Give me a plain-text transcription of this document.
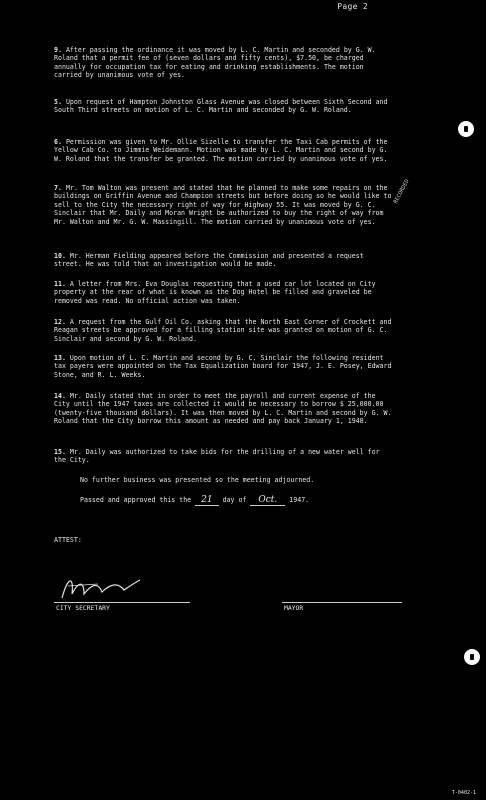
Page 2
9. After passing the ordinance it was moved by L. C. Martin and seconded by G. W. Roland that a permit fee of (seven dollars and fifty cents), $7.50, be charged annually for occupation tax for eating and drinking establishments. The motion carried by unanimous vote of yes.
5. Upon request of Hampton Johnston Glass Avenue was closed between Sixth Second and South Third streets on motion of L. C. Martin and seconded by G. W. Roland.
6. Permission was given to Mr. Ollie Sizelle to transfer the Taxi Cab permits of the Yellow Cab Co. to Jimmie Weidemann. Motion was made by L. C. Martin and second by G. W. Roland that the transfer be granted. The motion carried by unanimous vote of yes.
7. Mr. Tom Walton was present and stated that he planned to make some repairs on the buildings on Griffin Avenue and Champion streets but before doing so he would like to sell to the City the necessary right of way for Highway 55. It was moved by G. C. Sinclair that Mr. Daily and Moran Wright be authorized to buy the right of way from Mr. Walton and Mr. G. W. Massingill. The motion carried by unanimous vote of yes.
10. Mr. Herman Fielding appeared before the Commission and presented a request street. He was told that an investigation would be made.
11. A letter from Mrs. Eva Douglas requesting that a used car lot located on City property at the rear of what is known as the Dog Hotel be filled and graveled be removed was read. No official action was taken.
12. A request from the Gulf Oil Co. asking that the North East Corner of Crockett and Reagan streets be approved for a filling station site was granted on motion of G. C. Sinclair and second by G. W. Roland.
13. Upon motion of L. C. Martin and second by G. C. Sinclair the following resident tax payers were appointed on the Tax Equalization board for 1947, J. E. Posey, Edward Stone, and R. L. Weeks.
14. Mr. Daily stated that in order to meet the payroll and current expense of the City until the 1947 taxes are collected it would be necessary to borrow $ 25,000.00 (twenty-five thousand dollars). It was then moved by L. C. Martin and second by G. W. Roland that the City borrow this amount as needed and pay back January 1, 1948.
15. Mr. Daily was authorized to take bids for the drilling of a new water well for the City.
No further business was presented so the meeting adjourned.
Passed and approved this the 21 day of Oct. 1947.
ATTEST:
CITY SECRETARY	MAYOR
RECORDED
T-0402-1
